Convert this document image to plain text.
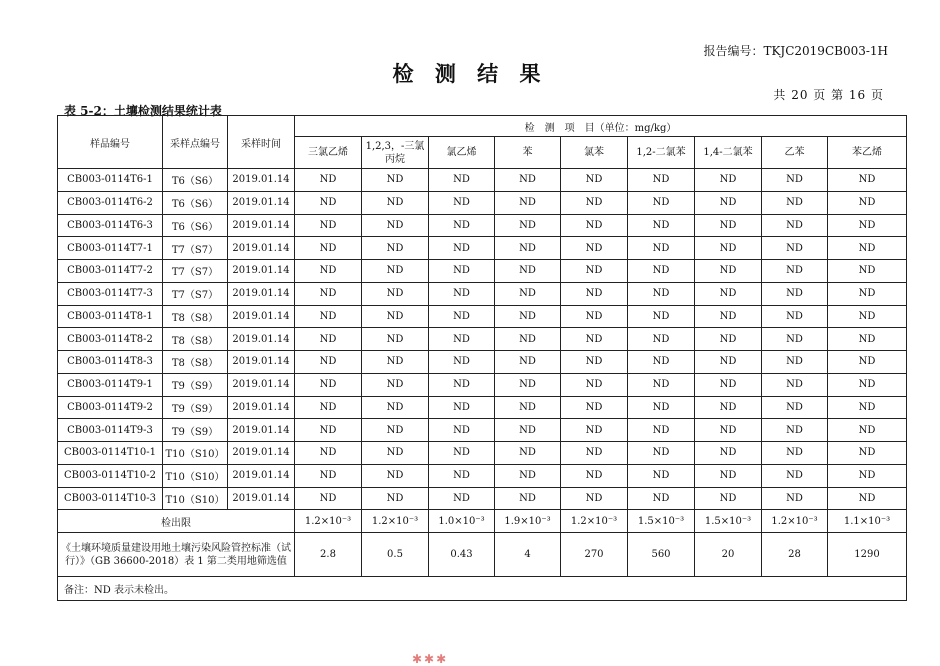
报告编号：TKJC2019CB003-1H
检 测 结 果
共 20 页 第 16 页
表 5-2：土壤检测结果统计表
样品编号	采样点编号	采样时间	检　测　项　目（单位：mg/kg）								
			三氯乙烯	1,2,3，-三氯丙烷	氯乙烯	苯	氯苯	1,2-二氯苯	1,4-二氯苯	乙苯	苯乙烯
CB003-0114T6-1	T6（S6）	2019.01.14	ND	ND	ND	ND	ND	ND	ND	ND	ND
CB003-0114T6-2	T6（S6）	2019.01.14	ND	ND	ND	ND	ND	ND	ND	ND	ND
CB003-0114T6-3	T6（S6）	2019.01.14	ND	ND	ND	ND	ND	ND	ND	ND	ND
CB003-0114T7-1	T7（S7）	2019.01.14	ND	ND	ND	ND	ND	ND	ND	ND	ND
CB003-0114T7-2	T7（S7）	2019.01.14	ND	ND	ND	ND	ND	ND	ND	ND	ND
CB003-0114T7-3	T7（S7）	2019.01.14	ND	ND	ND	ND	ND	ND	ND	ND	ND
CB003-0114T8-1	T8（S8）	2019.01.14	ND	ND	ND	ND	ND	ND	ND	ND	ND
CB003-0114T8-2	T8（S8）	2019.01.14	ND	ND	ND	ND	ND	ND	ND	ND	ND
CB003-0114T8-3	T8（S8）	2019.01.14	ND	ND	ND	ND	ND	ND	ND	ND	ND
CB003-0114T9-1	T9（S9）	2019.01.14	ND	ND	ND	ND	ND	ND	ND	ND	ND
CB003-0114T9-2	T9（S9）	2019.01.14	ND	ND	ND	ND	ND	ND	ND	ND	ND
CB003-0114T9-3	T9（S9）	2019.01.14	ND	ND	ND	ND	ND	ND	ND	ND	ND
CB003-0114T10-1	T10（S10）	2019.01.14	ND	ND	ND	ND	ND	ND	ND	ND	ND
CB003-0114T10-2	T10（S10）	2019.01.14	ND	ND	ND	ND	ND	ND	ND	ND	ND
CB003-0114T10-3	T10（S10）	2019.01.14	ND	ND	ND	ND	ND	ND	ND	ND	ND
检出限			1.2×10⁻³	1.2×10⁻³	1.0×10⁻³	1.9×10⁻³	1.2×10⁻³	1.5×10⁻³	1.5×10⁻³	1.2×10⁻³	1.1×10⁻³
《土壤环境质量建设用地土壤污染风险管控标准（试行）》（GB 36600-2018）表 1 第二类用地筛选值			2.8	0.5	0.43	4	270	560	20	28	1290
备注：ND 表示未检出。											
✱✱✱
